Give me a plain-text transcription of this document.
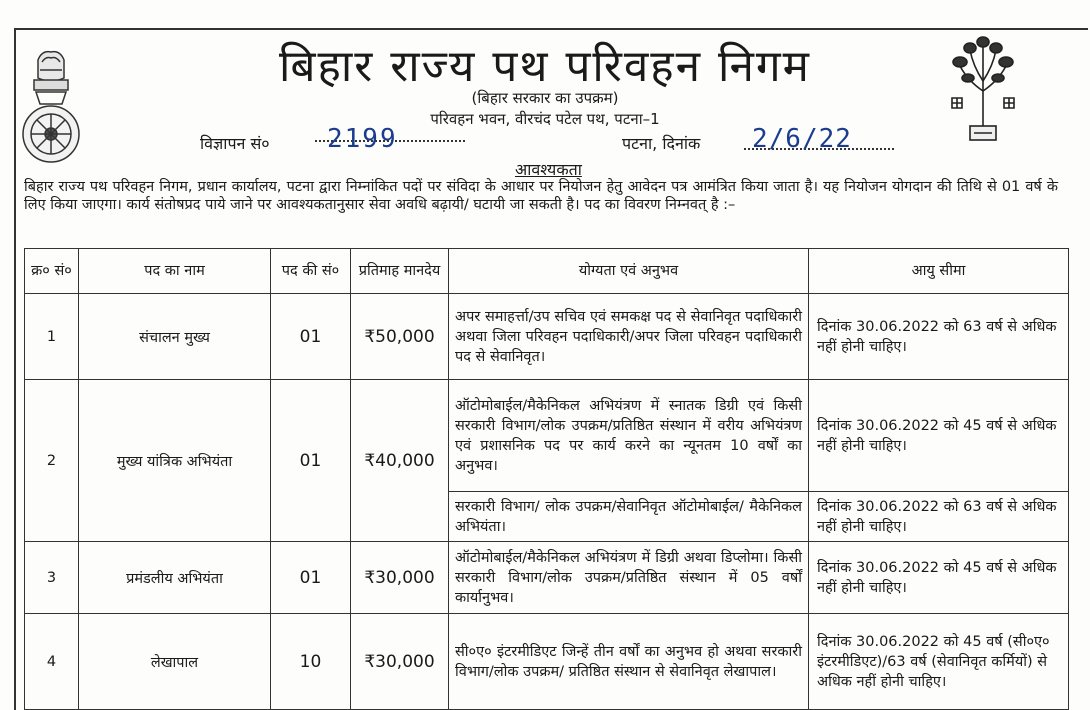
बिहार राज्य पथ परिवहन निगम
(बिहार सरकार का उपक्रम)
परिवहन भवन, वीरचंद पटेल पथ, पटना–1
विज्ञापन सं० 2199	पटना, दिनांक 2/6/22
आवश्यकता
बिहार राज्य पथ परिवहन निगम, प्रधान कार्यालय, पटना द्वारा निम्नांकित पदों पर संविदा के आधार पर नियोजन हेतु आवेदन पत्र आमंत्रित किया जाता है। यह नियोजन योगदान की तिथि से 01 वर्ष के लिए किया जाएगा। कार्य संतोषप्रद पाये जाने पर आवश्यकतानुसार सेवा अवधि बढ़ायी/ घटायी जा सकती है। पद का विवरण निम्नवत् है :–
क्र० सं०	पद का नाम	पद की सं०	प्रतिमाह मानदेय	योग्यता एवं अनुभव	आयु सीमा
1	संचालन मुख्य	01	₹50,000	अपर समाहर्त्ता/उप सचिव एवं समकक्ष पद से सेवानिवृत पदाधिकारी अथवा जिला परिवहन पदाधिकारी/अपर जिला परिवहन पदाधिकारी पद से सेवानिवृत।	दिनांक 30.06.2022 को 63 वर्ष से अधिक नहीं होनी चाहिए।
2	मुख्य यांत्रिक अभियंता	01	₹40,000	ऑटोमोबाईल/मैकेनिकल अभियंत्रण में स्नातक डिग्री एवं किसी सरकारी विभाग/लोक उपक्रम/प्रतिष्ठित संस्थान में वरीय अभियंत्रण एवं प्रशासनिक पद पर कार्य करने का न्यूनतम 10 वर्षों का अनुभव।	दिनांक 30.06.2022 को 45 वर्ष से अधिक नहीं होनी चाहिए।
				सरकारी विभाग/ लोक उपक्रम/सेवानिवृत ऑटोमोबाईल/ मैकेनिकल अभियंता।	दिनांक 30.06.2022 को 63 वर्ष से अधिक नहीं होनी चाहिए।
3	प्रमंडलीय अभियंता	01	₹30,000	ऑटोमोबाईल/मैकेनिकल अभियंत्रण में डिग्री अथवा डिप्लोमा। किसी सरकारी विभाग/लोक उपक्रम/प्रतिष्ठित संस्थान में 05 वर्षों कार्यानुभव।	दिनांक 30.06.2022 को 45 वर्ष से अधिक नहीं होनी चाहिए।
4	लेखापाल	10	₹30,000	सी०ए० इंटरमीडिएट जिन्हें तीन वर्षों का अनुभव हो अथवा सरकारी विभाग/लोक उपक्रम/ प्रतिष्ठित संस्थान से सेवानिवृत लेखापाल।	दिनांक 30.06.2022 को 45 वर्ष (सी०ए० इंटरमीडिएट)/63 वर्ष (सेवानिवृत कर्मियों) से अधिक नहीं होनी चाहिए।
